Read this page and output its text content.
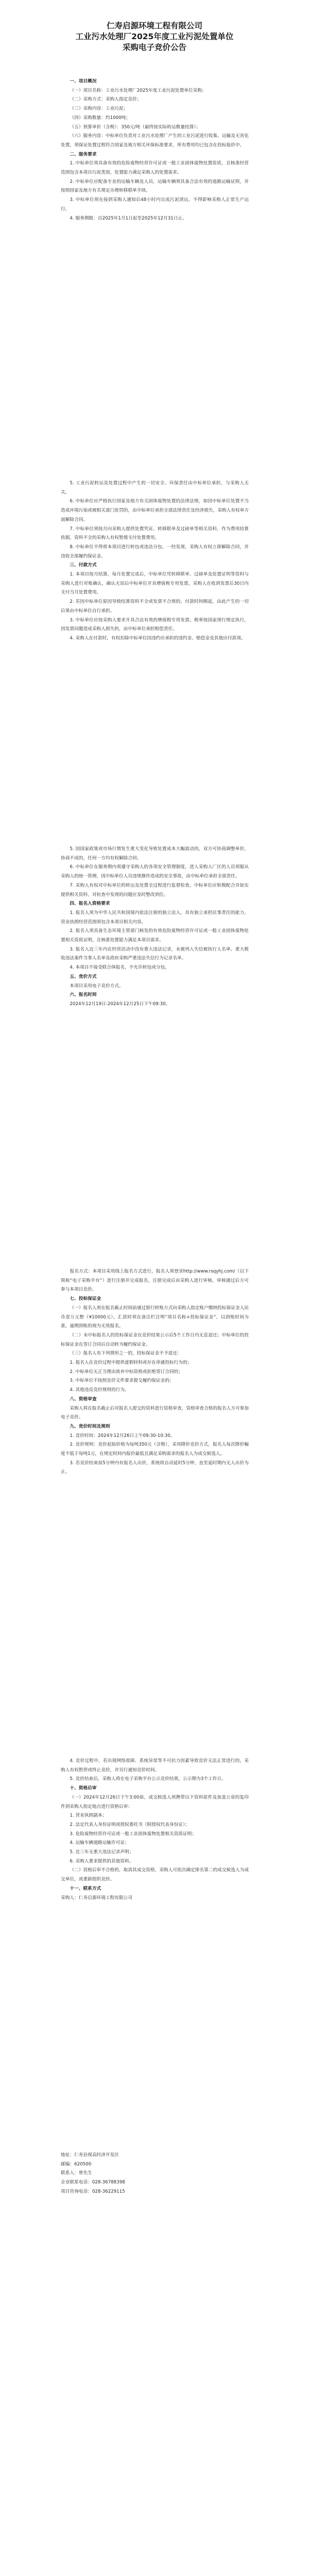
仁寿启源环境工程有限公司
工业污水处理厂2025年度工业污泥处置单位
采购电子竞价公告

一、项目概况

（一）项目名称：工业污水处理厂2025年度工业污泥处置单位采购；

（二）采购方式：采购人指定竞价；

（三）采购内容：工业污泥；

（四）采购数量：约1000吨；

（五）预算单价（含税）：350元/吨（最终按实际转运数量结算）；

（六）服务内容：中标单位负责对工业污水处理厂产生的工业污泥进行收集、运输及无害化处置，须保证处置过程符合国家及地方相关环保标准要求，所有费用均已包含在投标报价中。

二、服务要求

1. 中标单位须具备有效的危险废物经营许可证或一般工业固体废物处置资质，且核准经营范围包含本项目污泥类别，处置能力满足采购人的处置需求。

2. 中标单位应配备专业的运输车辆及人员，运输车辆须具备合法有效的道路运输证照，并按照国家及地方有关规定办理转移联单手续。

3. 中标单位须在接到采购人通知后48小时内完成污泥清运，不得影响采购人正常生产运行。

4. 服务期限：自2025年1月1日起至2025年12月31日止。

5. 工业污泥转运及处置过程中产生的一切安全、环保责任由中标单位承担，与采购人无关。

6. 中标单位应严格执行国家及地方有关固体废物处置的法律法规，如因中标单位处置不当造成环境污染或被相关部门处罚的，由中标单位承担全部法律责任及经济损失，采购人有权单方面解除合同。

7. 中标单位须按月向采购人提供处置凭证、转移联单及过磅单等相关资料，作为费用结算依据，资料不全的采购人有权暂缓支付处置费用。

8. 中标单位不得将本项目进行转包或违法分包，一经发现，采购人有权立即解除合同，并没收全部履约保证金。

三、付款方式

1. 本项目按月结算，每月处置完成后，中标单位凭转移联单、过磅单及处置证明等资料与采购人进行对账确认，确认无误后中标单位开具增值税专用发票，采购人在收到发票后30日内支付当月处置费用。

2. 若因中标单位原因导致结算资料不全或发票不合规的，付款时间顺延，由此产生的一切后果由中标单位自行承担。

3. 中标单位应按采购人要求开具合法有效的增值税专用发票，税率按国家现行规定执行，因发票问题造成采购人损失的，由中标单位承担赔偿责任。

4. 采购人在付款时，有权扣除中标单位因违约应承担的违约金、赔偿金及其他应付款项。

5. 因国家政策或市场行情发生重大变化导致处置成本大幅波动的，双方可协商调整单价，协商不成的，任何一方均有权解除合同。

6. 中标单位在服务期内须遵守采购人的各项安全管理制度，进入采购人厂区的人员须服从采购人的统一管理，因中标单位人员违规操作造成的安全事故，由中标单位承担全部责任。

7. 采购人有权对中标单位的转运及处置全过程进行监督检查，中标单位应积极配合并如实提供相关资料，对检查中发现的问题应及时整改到位。

四、报名人资格要求

1. 报名人须为中华人民共和国境内依法注册的独立法人，具有独立承担民事责任的能力，营业执照经营范围须包含本项目相关内容。

2. 报名人须具备生态环境主管部门核发的有效危险废物经营许可证或一般工业固体废物处置相关资质证明，且核准处置能力满足本项目需求。

3. 报名人近三年内在经营活动中没有重大违法记录，未被列入失信被执行人名单、重大税收违法案件当事人名单及政府采购严重违法失信行为记录名单。

4. 本项目不接受联合体报名，不允许转包或分包。

五、竞价方式

本项目采用电子竞价方式。

六、报名时间

2024年12月19日-2024年12月25日下午09:30。

报名方式：本项目采用线上报名方式进行，报名人须登录http://www.rsqyhj.com/（以下简称“电子采购平台”）进行注册并完成报名，注册完成后由采购人进行审核，审核通过后方可参与本项目竞价。

七、投标保证金

（一）报名人须在报名截止时间前通过银行转账方式向采购人指定账户缴纳投标保证金人民币壹万元整（¥10000元），汇款时须在备注栏注明“项目名称+投标保证金”，以到账时间为准，逾期到账的视为无效报名。

（二）未中标报名人的投标保证金在竞价结果公示后5个工作日内无息退还；中标单位的投标保证金在签订合同后自动转为履约保证金。

（三）报名人有下列情形之一的，投标保证金不予退还：

1. 报名人在竞价过程中提供虚假材料或存在串通投标行为的；

2. 中标单位无正当理由放弃中标资格或拒绝签订合同的；

3. 中标单位不按照竞价文件要求提交履约保证金的；

4. 其他违反竞价规则的行为。

八、资格审查

采购人将在报名截止后对报名人提交的资料进行资格审查，资格审查合格的报名人方可参加电子竞价。

九、竞价时间及规则

1. 竞价时间：2024年12月26日上午09:30-10:30。

2. 竞价规则：竞价起始价格为每吨350元（含税），采用降价竞价方式，报名人每次降价幅度不低于每吨1元，在规定时间内报价最低且满足采购需求的报名人为成交候选人。

3. 若竞价结束前5分钟内有报名人出价，系统将自动延时5分钟，直至延时期内无人出价为止。

4. 竞价过程中，若出现网络故障、系统异常等不可抗力因素导致竞价无法正常进行的，采购人有权暂停或终止竞价，并另行通知竞价时间。

5. 竞价结束后，采购人将在电子采购平台公示竞价结果，公示期为3个工作日。

十、资格后审

（一）2024年12月26日下午3:00前，成交候选人须携带以下资料原件及加盖公章的复印件到采购人指定地点进行资格后审：

1. 营业执照副本；

2. 法定代表人身份证明或授权委托书（附授权代表身份证）；

3. 危险废物经营许可证或一般工业固体废物处置相关资质证明；

4. 运输车辆道路运输许可证；

5. 近三年无重大违法记录声明；

6. 采购人要求提供的其他资料。

（二）资格后审不合格的，取消其成交资格，采购人可依次确定排名第二的成交候选人为成交单位，或重新组织竞价。

十一、联系方式

采购人：仁寿启源环境工程有限公司

地址：仁寿县视高经济开发区

邮编：620500

联系人：曾先生

企业联系电话：028-36788398

项目咨询电话：028-36229115
